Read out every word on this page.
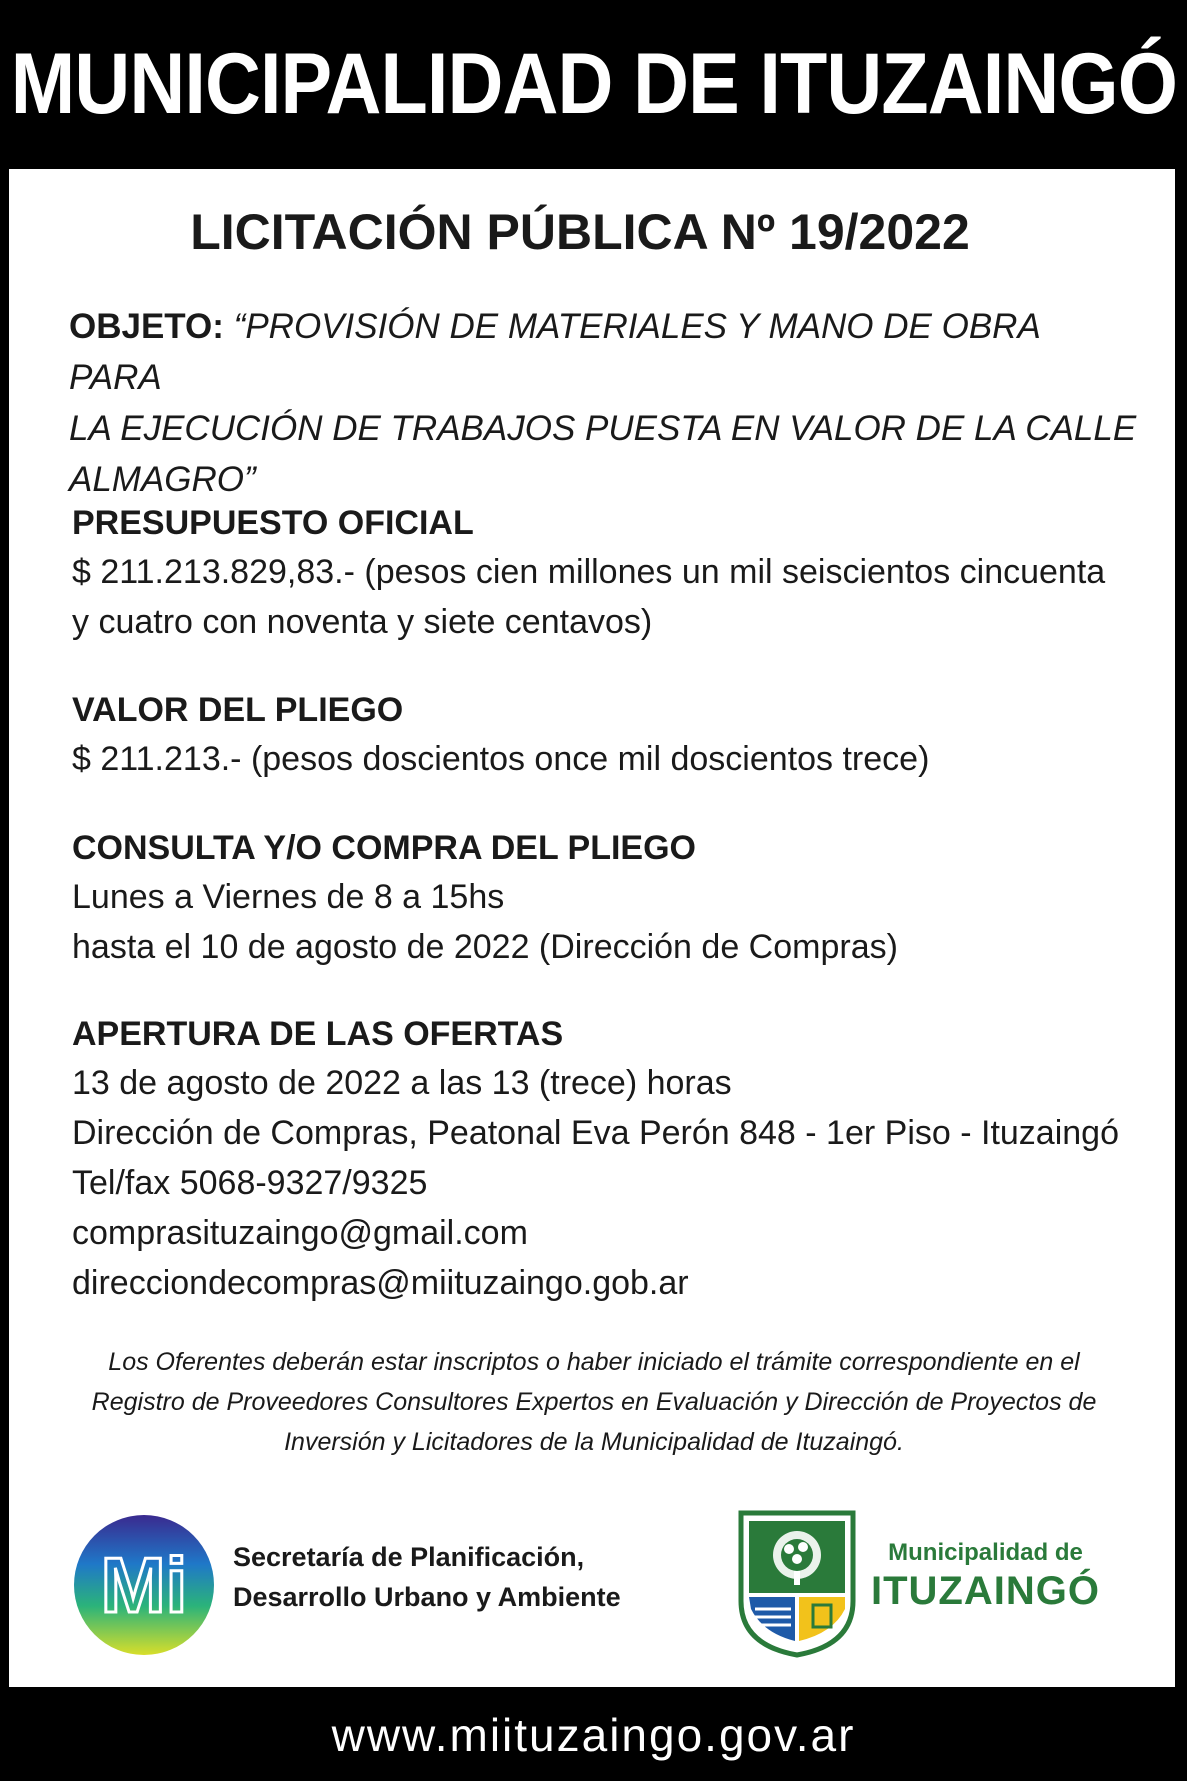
MUNICIPALIDAD DE ITUZAINGÓ
LICITACIÓN PÚBLICA Nº 19/2022
OBJETO: “PROVISIÓN DE MATERIALES Y MANO DE OBRA PARA
LA EJECUCIÓN DE TRABAJOS PUESTA EN VALOR DE LA CALLE
ALMAGRO”
PRESUPUESTO OFICIAL
$ 211.213.829,83.- (pesos cien millones un mil seiscientos cincuenta
y cuatro con noventa y siete centavos)
VALOR DEL PLIEGO
$ 211.213.- (pesos doscientos once mil doscientos trece)
CONSULTA Y/O COMPRA DEL PLIEGO
Lunes a Viernes de 8 a 15hs
hasta el 10 de agosto de 2022 (Dirección de Compras)
APERTURA DE LAS OFERTAS
13 de agosto de 2022 a las 13 (trece) horas
Dirección de Compras, Peatonal Eva Perón 848 - 1er Piso - Ituzaingó
Tel/fax 5068-9327/9325
comprasituzaingo@gmail.com
direcciondecompras@miituzaingo.gob.ar
Los Oferentes deberán estar inscriptos o haber iniciado el trámite correspondiente en el
Registro de Proveedores Consultores Expertos en Evaluación y Dirección de Proyectos de
Inversión y Licitadores de la Municipalidad de Ituzaingó.
Mi Secretaría de Planificación,
Desarrollo Urbano y Ambiente
Municipalidad de
ITUZAINGÓ
www.miituzaingo.gov.ar
